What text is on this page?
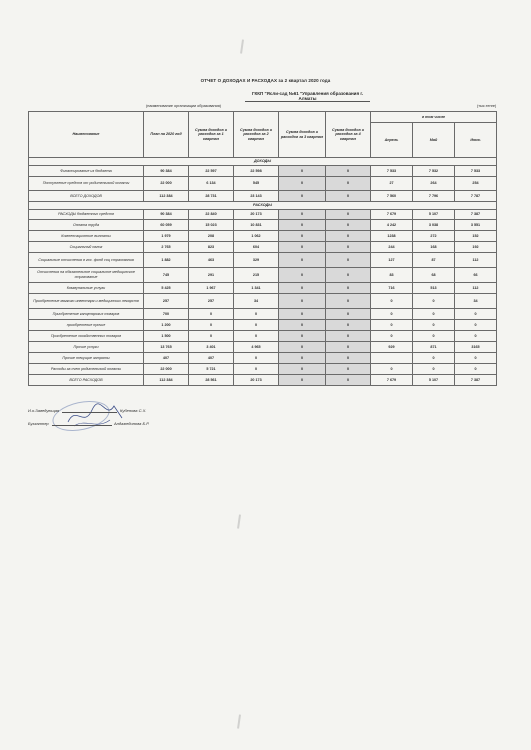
ОТЧЕТ О ДОХОДАХ И РАСХОДАХ за 2 квартал 2020 года
ГККП "Ясли-сад №61 "Управления образования г. Алматы
(наименование организации образования)	(тыс.тенге)
Наименование	План на 2020 год	Сумма доходов и расходов за 1 квартал	Сумма доходов и расходов за 2 квартал	Сумма доходов и расходов за 3 квартал	Сумма доходов и расходов за 4 квартал	в том числе		
						Апрель	Май	Июнь
ДОХОДЫ								
Финансирование из бюджета	90 384	22 597	22 598	0	0	7 533	7 532	7 533
Поступление средств от родительской оплаты	22 000	6 134	545	0	0	27	264	254
ВСЕГО ДОХОДОВ	112 384	28 731	23 143	0	0	7 560	7 796	7 787
РАСХОДЫ								
РАСХОДЫ бюджетных средств	90 384	22 840	20 173	0	0	7 679	5 107	7 387
Оплата труда	60 059	15 023	10 831	0	0	4 242	3 038	3 551
Компенсационные выплаты	1 979	208	1 062	0	0	1238	272	152
Социальный налог	2 765	823	604	0	0	244	168	192
Социальные отчисления в гос. фонд соц страхования	1 882	463	329	0	0	127	87	112
Отчисления на обязательное социальное медицинское страхование	745	291	215	0	0	83	68	66
Коммунальные услуги	5 425	1 967	1 341	0	0	716	513	112
Приобретение мягкого инвентаря и медицинских лекарств	257	257	34	0	0	0	0	34
Приобретение канцелярских товаров	700	0	0	0	0	0	0	0
приобретение прочие	1 200	0	0	0	0	0	0	0
Приобретение хозяйственных товаров	1 500	0	0	0	0	0	0	0
Прочие услуги	13 765	3 401	4 965	0	0	929	871	3165
Прочие текущие затраты	407	407	0	0	0		0	0
Расходы за счет родительской оплаты	22 000	5 721	0	0	0	0	0	0
ВСЕГО РАСХОДОВ	112 384	28 561	20 173	0	0	7 679	5 107	7 387
И.о.Заведующая	Кубенова С.Х.
Бухгалтер	Алдажединова Б.Р.
